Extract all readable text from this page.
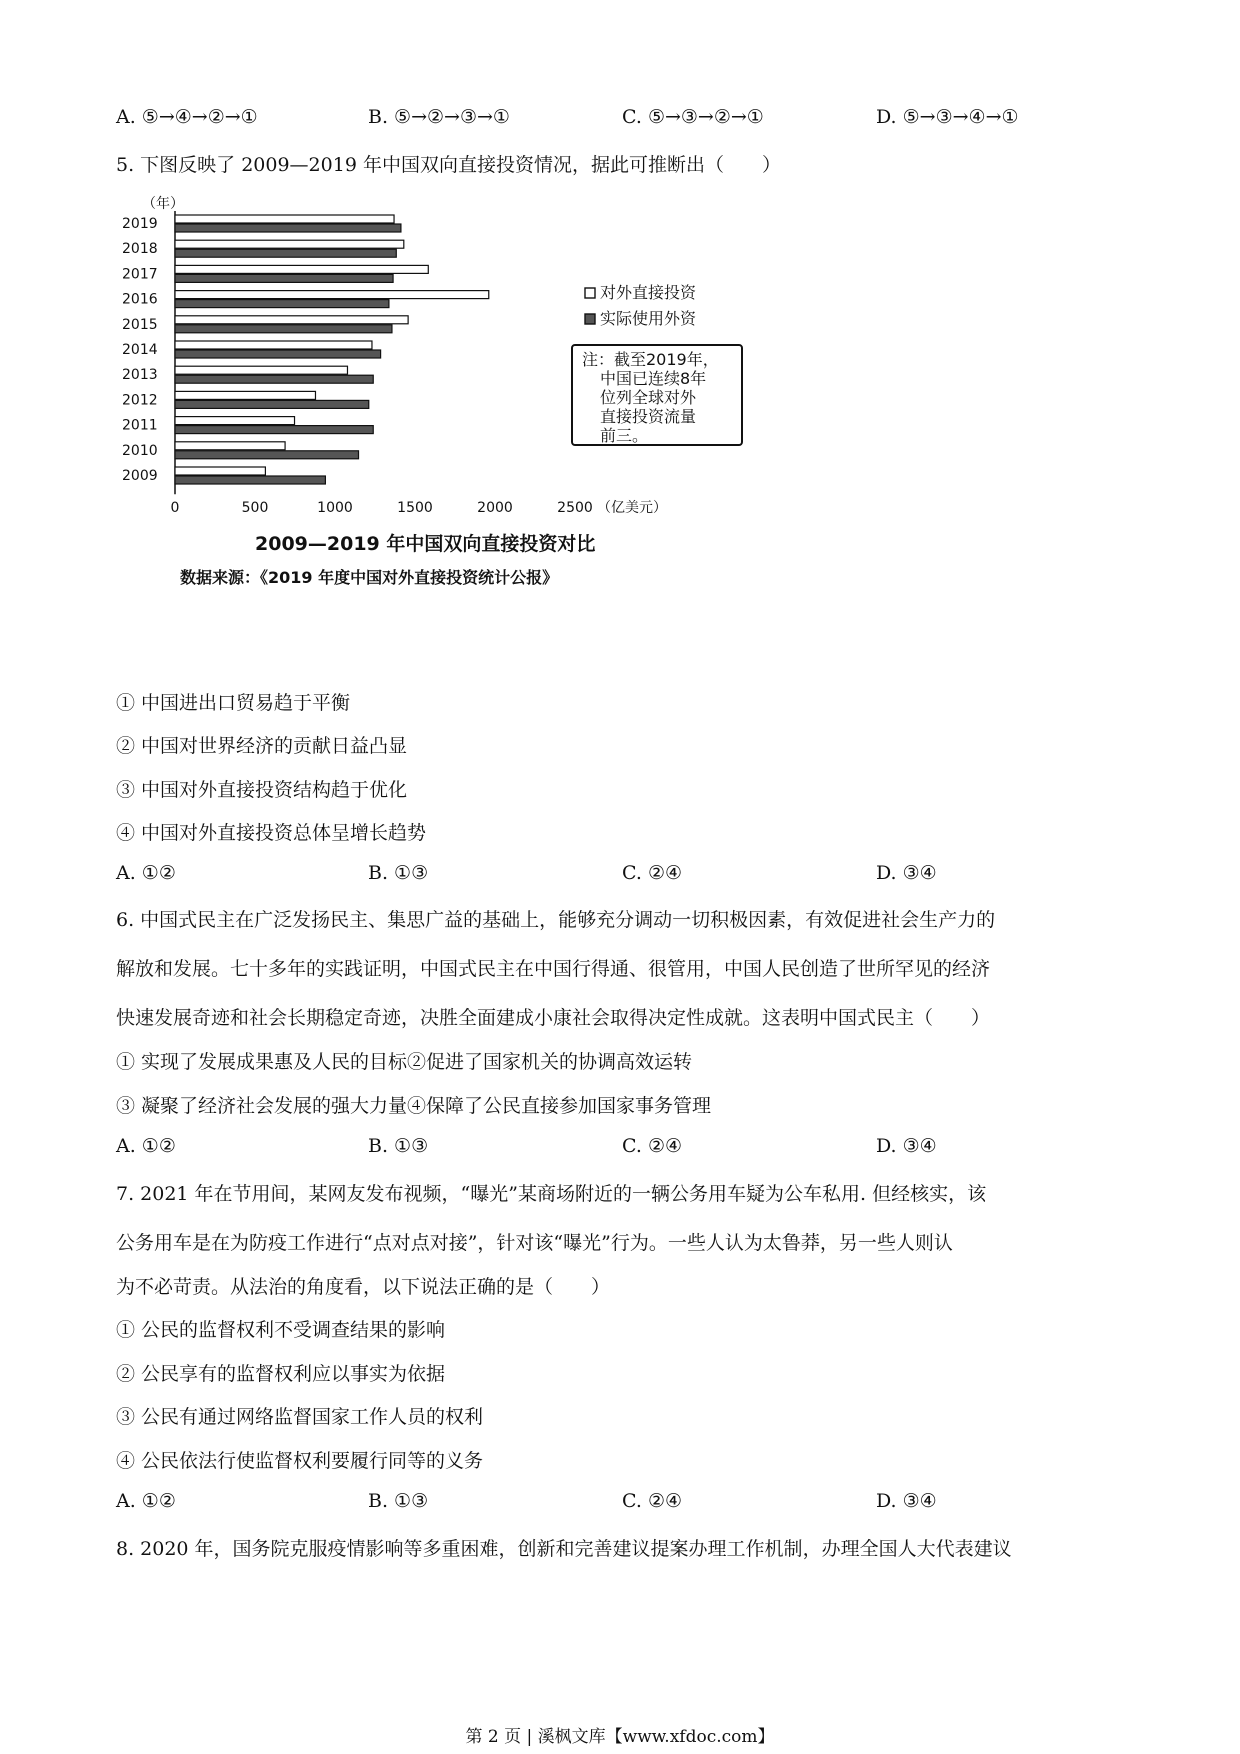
A. ⑤→④→②→①	B. ⑤→②→③→①	C. ⑤→③→②→①	D. ⑤→③→④→①
5. 下图反映了 2009—2019 年中国双向直接投资情况，据此可推断出（　　）
2019
2018
2017
2016
2015
2014
2013
2012
2011
2010
2009
0	500	1000	1500	2000	2500
（年）
（亿美元）
对外直接投资
实际使用外资
注：截至2019年，
中国已连续8年
位列全球对外
直接投资流量
前三。
2009—2019 年中国双向直接投资对比
数据来源：《2019 年度中国对外直接投资统计公报》
① 中国进出口贸易趋于平衡
② 中国对世界经济的贡献日益凸显
③ 中国对外直接投资结构趋于优化
④ 中国对外直接投资总体呈增长趋势
A. ①②	B. ①③	C. ②④	D. ③④
6. 中国式民主在广泛发扬民主、集思广益的基础上，能够充分调动一切积极因素，有效促进社会生产力的
解放和发展。七十多年的实践证明，中国式民主在中国行得通、很管用，中国人民创造了世所罕见的经济
快速发展奇迹和社会长期稳定奇迹，决胜全面建成小康社会取得决定性成就。这表明中国式民主（　　）
① 实现了发展成果惠及人民的目标②促进了国家机关的协调高效运转
③ 凝聚了经济社会发展的强大力量④保障了公民直接参加国家事务管理
A. ①②	B. ①③	C. ②④	D. ③④
7. 2021 年在节用间，某网友发布视频，“曝光”某商场附近的一辆公务用车疑为公车私用. 但经核实，该
公务用车是在为防疫工作进行“点对点对接”，针对该“曝光”行为。一些人认为太鲁莽，另一些人则认
为不必苛责。从法治的角度看，以下说法正确的是（　　）
① 公民的监督权利不受调查结果的影响
② 公民享有的监督权利应以事实为依据
③ 公民有通过网络监督国家工作人员的权利
④ 公民依法行使监督权利要履行同等的义务
A. ①②	B. ①③	C. ②④	D. ③④
8. 2020 年，国务院克服疫情影响等多重困难，创新和完善建议提案办理工作机制，办理全国人大代表建议
第 2 页 | 溪枫文库【www.xfdoc.com】
